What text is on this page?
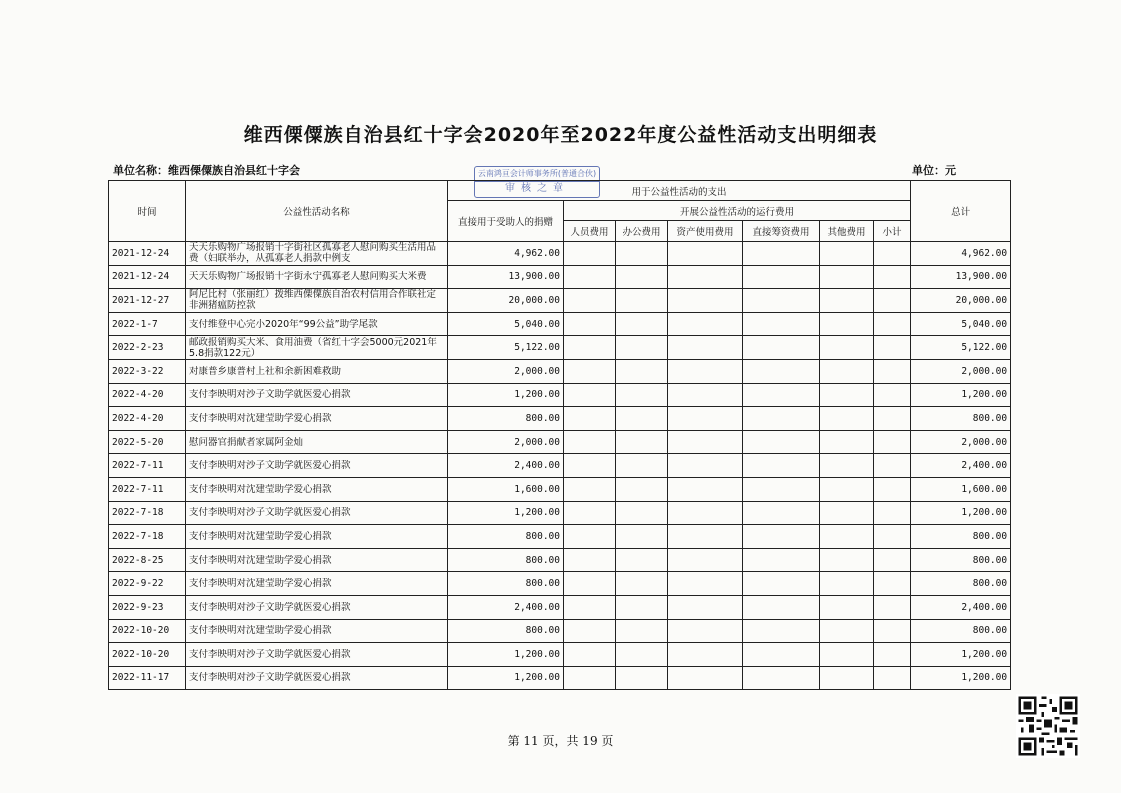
维西傈僳族自治县红十字会2020年至2022年度公益性活动支出明细表
单位名称：维西傈僳族自治县红十字会	单位：元
云南鸿亘会计师事务所(普通合伙)
审核之章
时间	公益性活动名称	用于公益性活动的支出							总计
		直接用于受助人的捐赠	开展公益性活动的运行费用						
			人员费用	办公费用	资产使用费用	直接筹资费用	其他费用	小计	
2021-12-24	天天乐购物广场报销十字街社区孤寡老人慰问购买生活用品费（妇联举办，从孤寡老人捐款中例支	4,962.00							4,962.00
2021-12-24	天天乐购物广场报销十字街永宁孤寡老人慰问购买大米费	13,900.00							13,900.00
2021-12-27	阿尼比村（张丽红）拨维西傈僳族自治农村信用合作联社定非洲猪瘟防控款	20,000.00							20,000.00
2022-1-7	支付维登中心完小2020年“99公益”助学尾款	5,040.00							5,040.00
2022-2-23	邮政报销购买大米、食用油费（省红十字会5000元2021年5.8捐款122元）	5,122.00							5,122.00
2022-3-22	对康普乡康普村上社和余新困难救助	2,000.00							2,000.00
2022-4-20	支付李映明对沙子文助学就医爱心捐款	1,200.00							1,200.00
2022-4-20	支付李映明对沈建莹助学爱心捐款	800.00							800.00
2022-5-20	慰问器官捐献者家属阿金灿	2,000.00							2,000.00
2022-7-11	支付李映明对沙子文助学就医爱心捐款	2,400.00							2,400.00
2022-7-11	支付李映明对沈建莹助学爱心捐款	1,600.00							1,600.00
2022-7-18	支付李映明对沙子文助学就医爱心捐款	1,200.00							1,200.00
2022-7-18	支付李映明对沈建莹助学爱心捐款	800.00							800.00
2022-8-25	支付李映明对沈建莹助学爱心捐款	800.00							800.00
2022-9-22	支付李映明对沈建莹助学爱心捐款	800.00							800.00
2022-9-23	支付李映明对沙子文助学就医爱心捐款	2,400.00							2,400.00
2022-10-20	支付李映明对沈建莹助学爱心捐款	800.00							800.00
2022-10-20	支付李映明对沙子文助学就医爱心捐款	1,200.00							1,200.00
2022-11-17	支付李映明对沙子文助学就医爱心捐款	1,200.00							1,200.00
第 11 页，共 19 页
